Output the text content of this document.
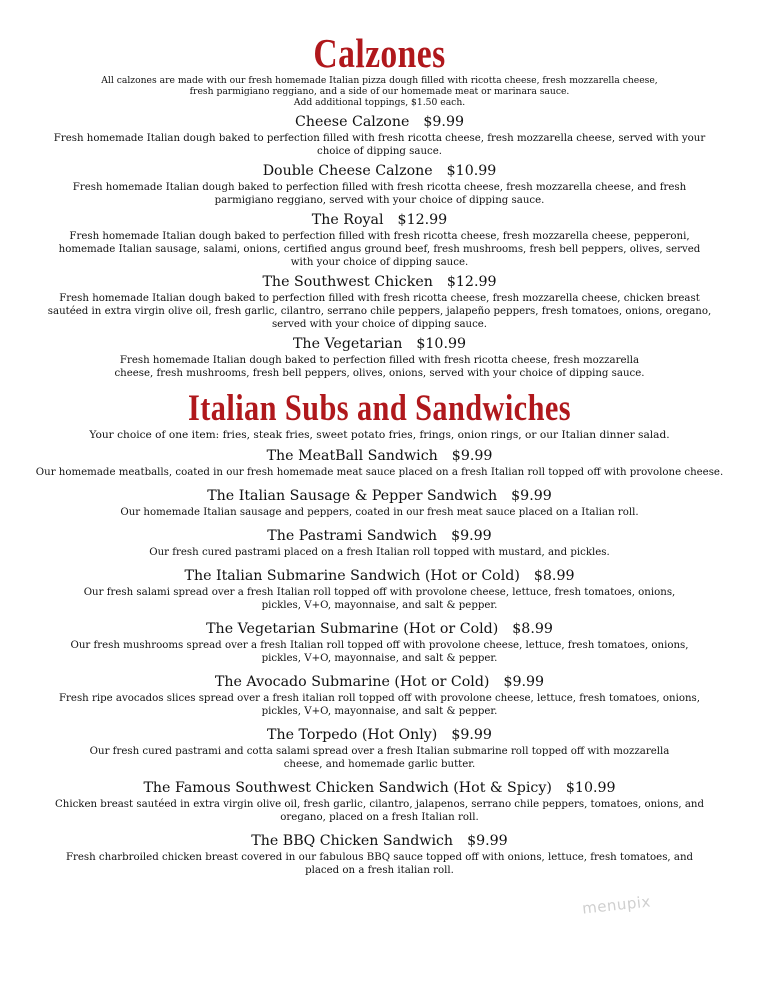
Calzones
All calzones are made with our fresh homemade Italian pizza dough filled with ricotta cheese, fresh mozzarella cheese, fresh parmigiano reggiano, and a side of our homemade meat or marinara sauce.
Add additional toppings, $1.50 each.
Cheese Calzone $9.99
Fresh homemade Italian dough baked to perfection filled with fresh ricotta cheese, fresh mozzarella cheese, served with your choice of dipping sauce.
Double Cheese Calzone $10.99
Fresh homemade Italian dough baked to perfection filled with fresh ricotta cheese, fresh mozzarella cheese, and fresh parmigiano reggiano, served with your choice of dipping sauce.
The Royal $12.99
Fresh homemade Italian dough baked to perfection filled with fresh ricotta cheese, fresh mozzarella cheese, pepperoni, homemade Italian sausage, salami, onions, certified angus ground beef, fresh mushrooms, fresh bell peppers, olives, served with your choice of dipping sauce.
The Southwest Chicken $12.99
Fresh homemade Italian dough baked to perfection filled with fresh ricotta cheese, fresh mozzarella cheese, chicken breast sautéed in extra virgin olive oil, fresh garlic, cilantro, serrano chile peppers, jalapeño peppers, fresh tomatoes, onions, oregano, served with your choice of dipping sauce.
The Vegetarian $10.99
Fresh homemade Italian dough baked to perfection filled with fresh ricotta cheese, fresh mozzarella cheese, fresh mushrooms, fresh bell peppers, olives, onions, served with your choice of dipping sauce.
Italian Subs and Sandwiches
Your choice of one item: fries, steak fries, sweet potato fries, frings, onion rings, or our Italian dinner salad.
The MeatBall Sandwich $9.99
Our homemade meatballs, coated in our fresh homemade meat sauce placed on a fresh Italian roll topped off with provolone cheese.
The Italian Sausage & Pepper Sandwich $9.99
Our homemade Italian sausage and peppers, coated in our fresh meat sauce placed on a Italian roll.
The Pastrami Sandwich $9.99
Our fresh cured pastrami placed on a fresh Italian roll topped with mustard, and pickles.
The Italian Submarine Sandwich (Hot or Cold) $8.99
Our fresh salami spread over a fresh Italian roll topped off with provolone cheese, lettuce, fresh tomatoes, onions, pickles, V+O, mayonnaise, and salt & pepper.
The Vegetarian Submarine (Hot or Cold) $8.99
Our fresh mushrooms spread over a fresh Italian roll topped off with provolone cheese, lettuce, fresh tomatoes, onions, pickles, V+O, mayonnaise, and salt & pepper.
The Avocado Submarine (Hot or Cold) $9.99
Fresh ripe avocados slices spread over a fresh italian roll topped off with provolone cheese, lettuce, fresh tomatoes, onions, pickles, V+O, mayonnaise, and salt & pepper.
The Torpedo (Hot Only) $9.99
Our fresh cured pastrami and cotta salami spread over a fresh Italian submarine roll topped off with mozzarella cheese, and homemade garlic butter.
The Famous Southwest Chicken Sandwich (Hot & Spicy) $10.99
Chicken breast sautéed in extra virgin olive oil, fresh garlic, cilantro, jalapenos, serrano chile peppers, tomatoes, onions, and oregano, placed on a fresh Italian roll.
The BBQ Chicken Sandwich $9.99
Fresh charbroiled chicken breast covered in our fabulous BBQ sauce topped off with onions, lettuce, fresh tomatoes, and placed on a fresh italian roll.
menupix
